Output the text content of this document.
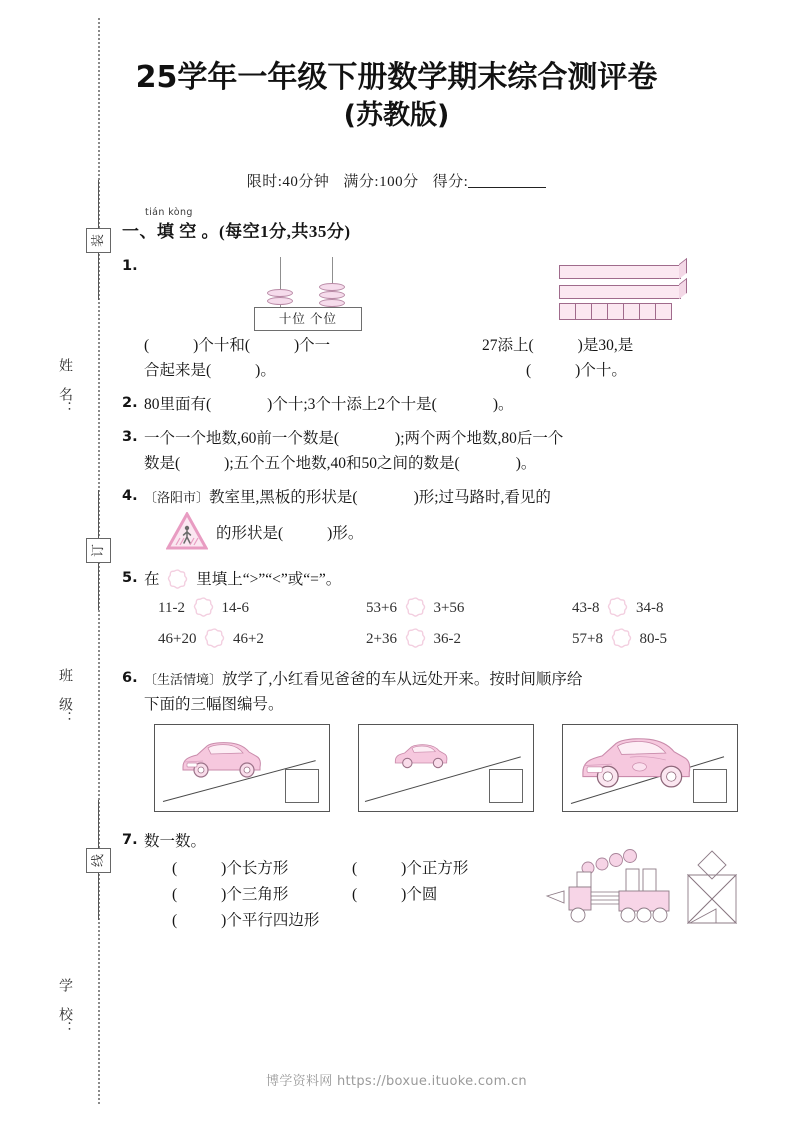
装
姓 名：
订
班 级：
线
学 校：
25学年一年级下册数学期末综合测评卷
(苏教版)
限时:40分钟 满分:100分 得分:
tián kòng
一、填 空 。(每空1分,共35分)
1.
十位 个位
(	)个十和(	)个一
合起来是(	)。
27添上(	)是30,是
(	)个十。
2. 80里面有(	)个十;3个十添上2个十是(	)。
3. 一个一个地数,60前一个数是(	);两个两个地数,80后一个
数是(	);五个五个地数,40和50之间的数是(	)。
4. 〔洛阳市〕教室里,黑板的形状是(	)形;过马路时,看见的
的形状是(	)形。
5. 在 里填上“>”“<”或“=”。
11-2 14-6	53+6 3+56	43-8 34-8
46+20 46+2	2+36 36-2	57+8 80-5
6. 〔生活情境〕放学了,小红看见爸爸的车从远处开来。按时间顺序给
下面的三幅图编号。
7. 数一数。
(	)个长方形	(	)个正方形
(	)个三角形	(	)个圆
(	)个平行四边形
博学资料网 https://boxue.ituoke.com.cn
